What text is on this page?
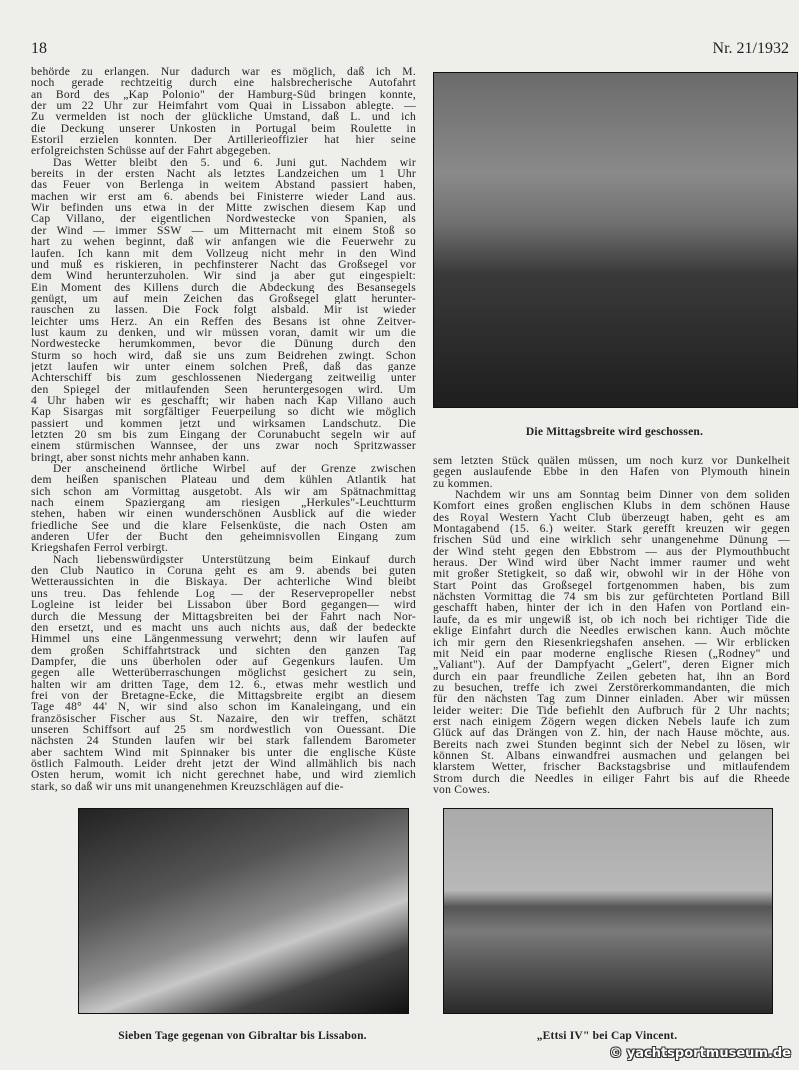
18	Nr. 21/1932
behörde zu erlangen. Nur dadurch war es möglich, daß ich M.
noch gerade rechtzeitig durch eine halsbrecherische Autofahrt
an Bord des „Kap Polonio" der Hamburg-Süd bringen konnte,
der um 22 Uhr zur Heimfahrt vom Quai in Lissabon ablegte. —
Zu vermelden ist noch der glückliche Umstand, daß L. und ich
die Deckung unserer Unkosten in Portugal beim Roulette in
Estoril erzielen konnten. Der Artillerieoffizier hat hier seine
erfolgreichsten Schüsse auf der Fahrt abgegeben.
Das Wetter bleibt den 5. und 6. Juni gut. Nachdem wir
bereits in der ersten Nacht als letztes Landzeichen um 1 Uhr
das Feuer von Berlenga in weitem Abstand passiert haben,
machen wir erst am 6. abends bei Finisterre wieder Land aus.
Wir befinden uns etwa in der Mitte zwischen diesem Kap und
Cap Villano, der eigentlichen Nordwestecke von Spanien, als
der Wind — immer SSW — um Mitternacht mit einem Stoß so
hart zu wehen beginnt, daß wir anfangen wie die Feuerwehr zu
laufen. Ich kann mit dem Vollzeug nicht mehr in den Wind
und muß es riskieren, in pechfinsterer Nacht das Großsegel vor
dem Wind herunterzuholen. Wir sind ja aber gut eingespielt:
Ein Moment des Killens durch die Abdeckung des Besansegels
genügt, um auf mein Zeichen das Großsegel glatt herunter-
rauschen zu lassen. Die Fock folgt alsbald. Mir ist wieder
leichter ums Herz. An ein Reffen des Besans ist ohne Zeitver-
lust kaum zu denken, und wir müssen voran, damit wir um die
Nordwestecke herumkommen, bevor die Dünung durch den
Sturm so hoch wird, daß sie uns zum Beidrehen zwingt. Schon
jetzt laufen wir unter einem solchen Preß, daß das ganze
Achterschiff bis zum geschlossenen Niedergang zeitweilig unter
den Spiegel der mitlaufenden Seen heruntergesogen wird. Um
4 Uhr haben wir es geschafft; wir haben nach Kap Villano auch
Kap Sisargas mit sorgfältiger Feuerpeilung so dicht wie möglich
passiert und kommen jetzt und wirksamen Landschutz. Die
letzten 20 sm bis zum Eingang der Corunabucht segeln wir auf
einem stürmischen Wannsee, der uns zwar noch Spritzwasser
bringt, aber sonst nichts mehr anhaben kann.
Der anscheinend örtliche Wirbel auf der Grenze zwischen
dem heißen spanischen Plateau und dem kühlen Atlantik hat
sich schon am Vormittag ausgetobt. Als wir am Spätnachmittag
nach einem Spaziergang am riesigen „Herkules"-Leuchtturm
stehen, haben wir einen wunderschönen Ausblick auf die wieder
friedliche See und die klare Felsenküste, die nach Osten am
anderen Ufer der Bucht den geheimnisvollen Eingang zum
Kriegshafen Ferrol verbirgt.
Nach liebenswürdigster Unterstützung beim Einkauf durch
den Club Nautico in Coruna geht es am 9. abends bei guten
Wetteraussichten in die Biskaya. Der achterliche Wind bleibt
uns treu. Das fehlende Log — der Reservepropeller nebst
Logleine ist leider bei Lissabon über Bord gegangen— wird
durch die Messung der Mittagsbreiten bei der Fahrt nach Nor-
den ersetzt, und es macht uns auch nichts aus, daß der bedeckte
Himmel uns eine Längenmessung verwehrt; denn wir laufen auf
dem großen Schiffahrtstrack und sichten den ganzen Tag
Dampfer, die uns überholen oder auf Gegenkurs laufen. Um
gegen alle Wetterüberraschungen möglichst gesichert zu sein,
halten wir am dritten Tage, dem 12. 6., etwas mehr westlich und
frei von der Bretagne-Ecke, die Mittagsbreite ergibt an diesem
Tage 48° 44' N, wir sind also schon im Kanaleingang, und ein
französischer Fischer aus St. Nazaire, den wir treffen, schätzt
unseren Schiffsort auf 25 sm nordwestlich von Ouessant. Die
nächsten 24 Stunden laufen wir bei stark fallendem Barometer
aber sachtem Wind mit Spinnaker bis unter die englische Küste
östlich Falmouth. Leider dreht jetzt der Wind allmählich bis nach
Osten herum, womit ich nicht gerechnet habe, und wird ziemlich
stark, so daß wir uns mit unangenehmen Kreuzschlägen auf die-
sem letzten Stück quälen müssen, um noch kurz vor Dunkelheit
gegen auslaufende Ebbe in den Hafen von Plymouth hinein
zu kommen.
Nachdem wir uns am Sonntag beim Dinner von dem soliden
Komfort eines großen englischen Klubs in dem schönen Hause
des Royal Western Yacht Club überzeugt haben, geht es am
Montagabend (15. 6.) weiter. Stark gerefft kreuzen wir gegen
frischen Süd und eine wirklich sehr unangenehme Dünung —
der Wind steht gegen den Ebbstrom — aus der Plymouthbucht
heraus. Der Wind wird über Nacht immer raumer und weht
mit großer Stetigkeit, so daß wir, obwohl wir in der Höhe von
Start Point das Großsegel fortgenommen haben, bis zum
nächsten Vormittag die 74 sm bis zur gefürchteten Portland Bill
geschafft haben, hinter der ich in den Hafen von Portland ein-
laufe, da es mir ungewiß ist, ob ich noch bei richtiger Tide die
eklige Einfahrt durch die Needles erwischen kann. Auch möchte
ich mir gern den Riesenkriegshafen ansehen. — Wir erblicken
mit Neid ein paar moderne englische Riesen („Rodney" und
„Valiant"). Auf der Dampfyacht „Gelert", deren Eigner mich
durch ein paar freundliche Zeilen gebeten hat, ihn an Bord
zu besuchen, treffe ich zwei Zerstörerkommandanten, die mich
für den nächsten Tag zum Dinner einladen. Aber wir müssen
leider weiter: Die Tide befiehlt den Aufbruch für 2 Uhr nachts;
erst nach einigem Zögern wegen dicken Nebels laufe ich zum
Glück auf das Drängen von Z. hin, der nach Hause möchte, aus.
Bereits nach zwei Stunden beginnt sich der Nebel zu lösen, wir
können St. Albans einwandfrei ausmachen und gelangen bei
klarstem Wetter, frischer Backstagsbrise und mitlaufendem
Strom durch die Needles in eiliger Fahrt bis auf die Rheede
von Cowes.
Die Mittagsbreite wird geschossen.
Sieben Tage gegenan von Gibraltar bis Lissabon.	„Ettsi IV" bei Cap Vincent.
© yachtsportmuseum.de
